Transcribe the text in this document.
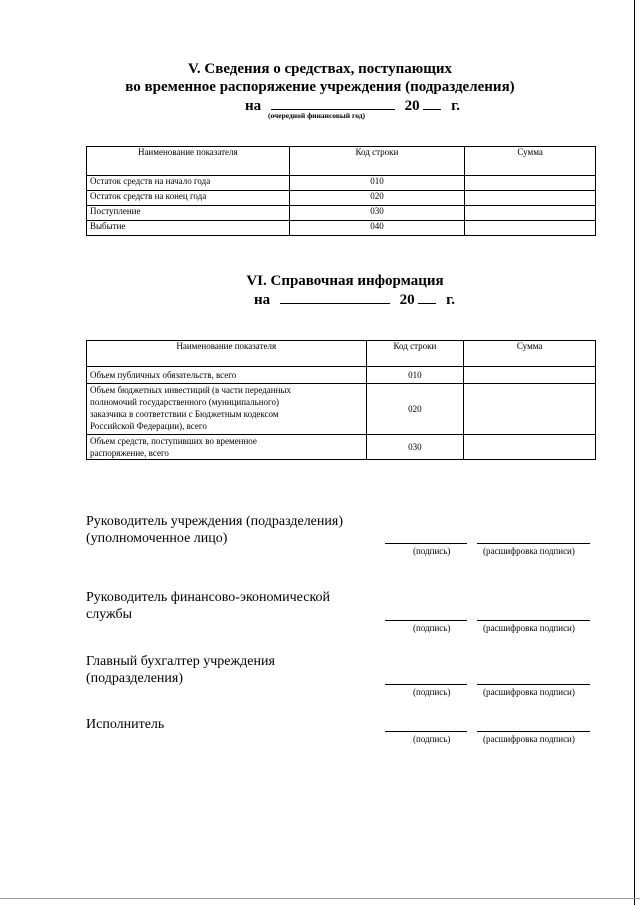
V. Сведения о средствах, поступающих
во временное распоряжение учреждения (подразделения)
на	20 г.
(очередной финансовый год)
Наименование показателя	Код строки	Сумма
Остаток средств на начало года	010	
Остаток средств на конец года	020	
Поступление	030	
Выбытие	040	
VI. Справочная информация
на	20 г.
Наименование показателя	Код строки	Сумма
Объем публичных обязательств, всего	010	
Объем бюджетных инвестиций (в части переданных полномочий государственного (муниципального) заказчика в соответствии с Бюджетным кодексом Российской Федерации), всего	020	
Объем средств, поступивших во временное распоряжение, всего	030	
Руководитель учреждения (подразделения)
(уполномоченное лицо)
(подпись)	(расшифровка подписи)
Руководитель финансово-экономической
службы
(подпись)	(расшифровка подписи)
Главный бухгалтер учреждения
(подразделения)
(подпись)	(расшифровка подписи)
Исполнитель
(подпись)	(расшифровка подписи)
